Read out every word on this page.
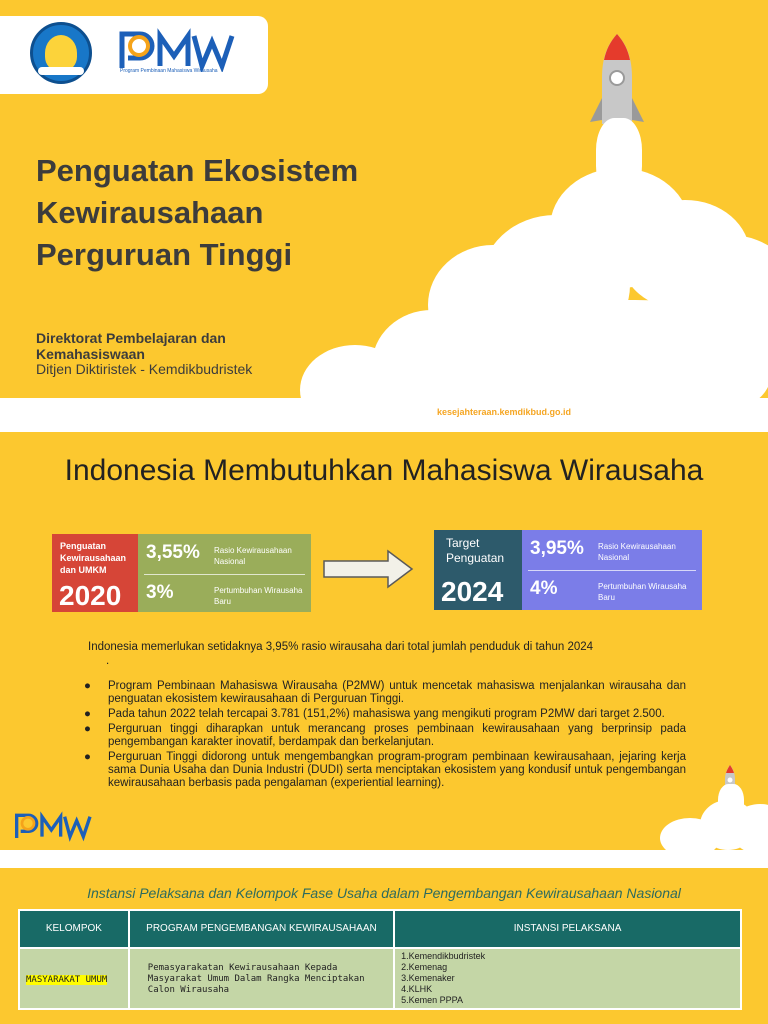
Program Pembinaan Mahasiswa Wirausaha
Penguatan Ekosistem Kewirausahaan Perguruan Tinggi
Direktorat Pembelajaran dan Kemahasiswaan
Ditjen Diktiristek - Kemdikbudristek
kesejahteraan.kemdikbud.go.id
Indonesia Membutuhkan Mahasiswa Wirausaha
Penguatan Kewirausahaan dan UMKM
2020
3,55% Rasio Kewirausahaan Nasional
3%	Pertumbuhan Wirausaha Baru
Target Penguatan
2024
3,95% Rasio Kewirausahaan Nasional
4%	Pertumbuhan Wirausaha Baru
Indonesia memerlukan setidaknya 3,95% rasio wirausaha dari total jumlah penduduk di tahun 2024
.
● Program Pembinaan Mahasiswa Wirausaha (P2MW) untuk mencetak mahasiswa menjalankan wirausaha dan penguatan ekosistem kewirausahaan di Perguruan Tinggi.
● Pada tahun 2022 telah tercapai 3.781 (151,2%) mahasiswa yang mengikuti program P2MW dari target 2.500.
● Perguruan tinggi diharapkan untuk merancang proses pembinaan kewirausahaan yang berprinsip pada pengembangan karakter inovatif, berdampak dan berkelanjutan.
● Perguruan Tinggi didorong untuk mengembangkan program-program pembinaan kewirausahaan, jejaring kerja sama Dunia Usaha dan Dunia Industri (DUDI) serta menciptakan ekosistem yang kondusif untuk pengembangan kewirausahaan berbasis pada pengalaman (experiential learning).
Instansi Pelaksana dan Kelompok Fase Usaha dalam Pengembangan Kewirausahaan Nasional
KELOMPOK	PROGRAM PENGEMBANGAN KEWIRAUSAHAAN	INSTANSI PELAKSANA
MASYARAKAT UMUM	Pemasyarakatan Kewirausahaan Kepada Masyarakat Umum Dalam Rangka Menciptakan Calon Wirausaha	1.Kemendikbudristek
2.Kemenag
3.Kemenaker
4.KLHK
5.Kemen PPPA
